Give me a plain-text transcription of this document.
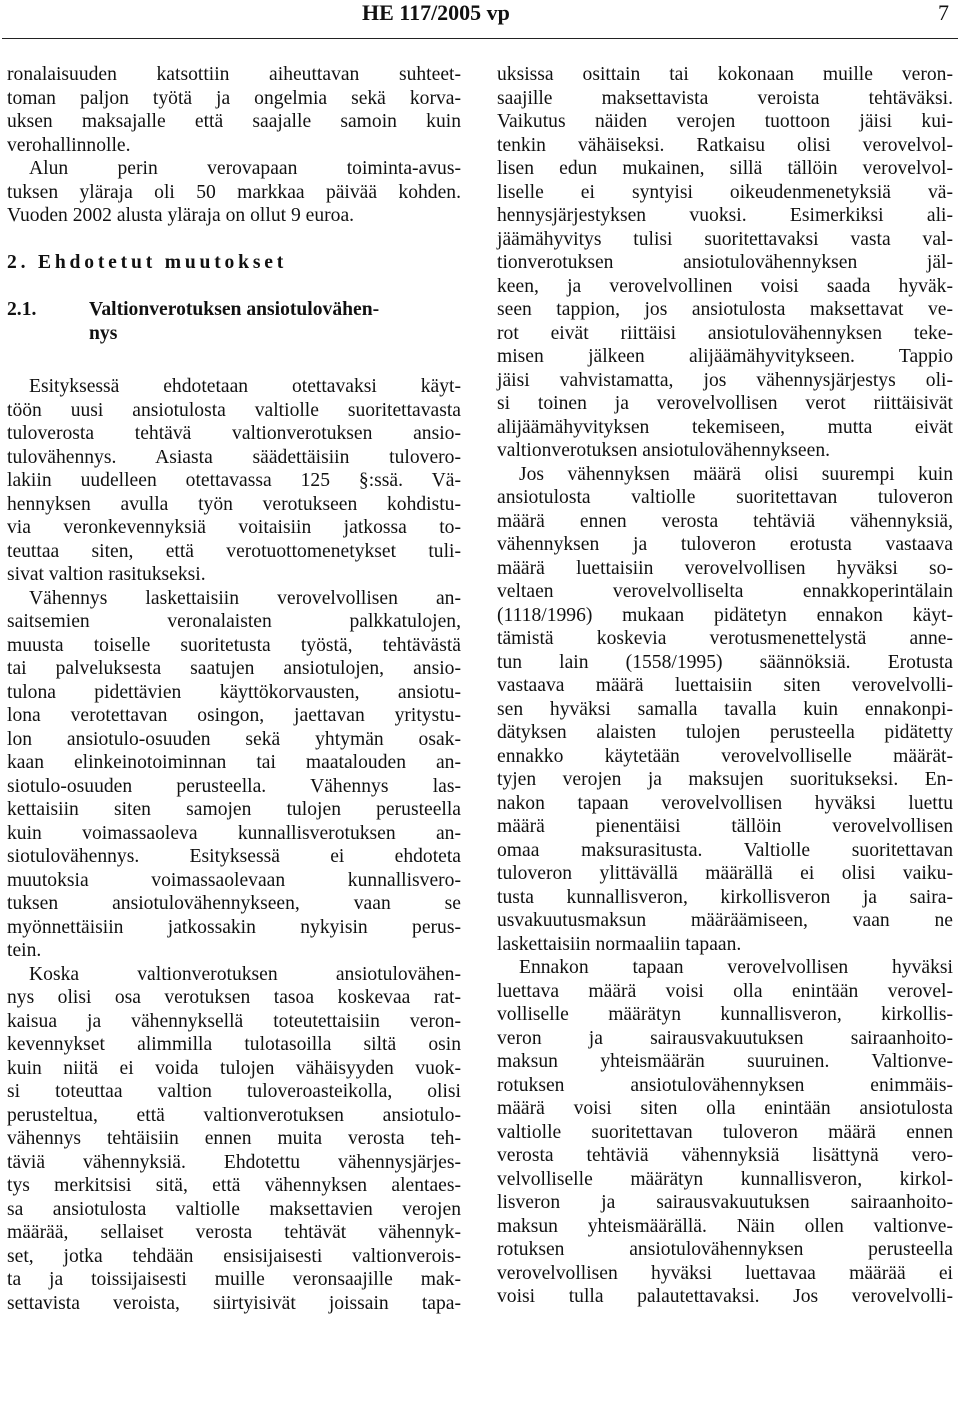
HE 117/2005 vp	7

ronalaisuuden katsottiin aiheuttavan suhteet-

toman paljon työtä ja ongelmia sekä korva-

uksen maksajalle että saajalle samoin kuin

verohallinnolle.

Alun perin verovapaan toiminta-avus-

tuksen yläraja oli 50 markkaa päivää kohden.

Vuoden 2002 alusta yläraja on ollut 9 euroa.

2. Ehdotetut muutokset
2.1.	Valtionverotuksen ansiotulovähen-
nys

Esityksessä ehdotetaan otettavaksi käyt-

töön uusi ansiotulosta valtiolle suoritettavasta

tuloverosta tehtävä valtionverotuksen ansio-

tulovähennys. Asiasta säädettäisiin tulovero-

lakiin uudelleen otettavassa 125 §:ssä. Vä-

hennyksen avulla työn verotukseen kohdistu-

via veronkevennyksiä voitaisiin jatkossa to-

teuttaa siten, että verotuottomenetykset tuli-

sivat valtion rasitukseksi.

Vähennys laskettaisiin verovelvollisen an-

saitsemien veronalaisten palkkatulojen,

muusta toiselle suoritetusta työstä, tehtävästä

tai palveluksesta saatujen ansiotulojen, ansio-

tulona pidettävien käyttökorvausten, ansiotu-

lona verotettavan osingon, jaettavan yritystu-

lon ansiotulo-osuuden sekä yhtymän osak-

kaan elinkeinotoiminnan tai maatalouden an-

siotulo-osuuden perusteella. Vähennys las-

kettaisiin siten samojen tulojen perusteella

kuin voimassaoleva kunnallisverotuksen an-

siotulovähennys. Esityksessä ei ehdoteta

muutoksia voimassaolevaan kunnallisvero-

tuksen ansiotulovähennykseen, vaan se

myönnettäisiin jatkossakin nykyisin perus-

tein.

Koska valtionverotuksen ansiotulovähen-

nys olisi osa verotuksen tasoa koskevaa rat-

kaisua ja vähennyksellä toteutettaisiin veron-

kevennykset alimmilla tulotasoilla siltä osin

kuin niitä ei voida tulojen vähäisyyden vuok-

si toteuttaa valtion tuloveroasteikolla, olisi

perusteltua, että valtionverotuksen ansiotulo-

vähennys tehtäisiin ennen muita verosta teh-

täviä vähennyksiä. Ehdotettu vähennysjärjes-

tys merkitsisi sitä, että vähennyksen alentaes-

sa ansiotulosta valtiolle maksettavien verojen

määrää, sellaiset verosta tehtävät vähennyk-

set, jotka tehdään ensisijaisesti valtionverois-

ta ja toissijaisesti muille veronsaajille mak-

settavista veroista, siirtyisivät joissain tapa-

uksissa osittain tai kokonaan muille veron-

saajille maksettavista veroista tehtäväksi.

Vaikutus näiden verojen tuottoon jäisi kui-

tenkin vähäiseksi. Ratkaisu olisi verovelvol-

lisen edun mukainen, sillä tällöin verovelvol-

liselle ei syntyisi oikeudenmenetyksiä vä-

hennysjärjestyksen vuoksi. Esimerkiksi ali-

jäämähyvitys tulisi suoritettavaksi vasta val-

tionverotuksen ansiotulovähennyksen jäl-

keen, ja verovelvollinen voisi saada hyväk-

seen tappion, jos ansiotulosta maksettavat ve-

rot eivät riittäisi ansiotulovähennyksen teke-

misen jälkeen alijäämähyvitykseen. Tappio

jäisi vahvistamatta, jos vähennysjärjestys oli-

si toinen ja verovelvollisen verot riittäisivät

alijäämähyvityksen tekemiseen, mutta eivät

valtionverotuksen ansiotulovähennykseen.

Jos vähennyksen määrä olisi suurempi kuin

ansiotulosta valtiolle suoritettavan tuloveron

määrä ennen verosta tehtäviä vähennyksiä,

vähennyksen ja tuloveron erotusta vastaava

määrä luettaisiin verovelvollisen hyväksi so-

veltaen verovelvolliselta ennakkoperintälain

(1118/1996) mukaan pidätetyn ennakon käyt-

tämistä koskevia verotusmenettelystä anne-

tun lain (1558/1995) säännöksiä. Erotusta

vastaava määrä luettaisiin siten verovelvolli-

sen hyväksi samalla tavalla kuin ennakonpi-

dätyksen alaisten tulojen perusteella pidätetty

ennakko käytetään verovelvolliselle määrät-

tyjen verojen ja maksujen suoritukseksi. En-

nakon tapaan verovelvollisen hyväksi luettu

määrä pienentäisi tällöin verovelvollisen

omaa maksurasitusta. Valtiolle suoritettavan

tuloveron ylittävällä määrällä ei olisi vaiku-

tusta kunnallisveron, kirkollisveron ja saira-

usvakuutusmaksun määräämiseen, vaan ne

laskettaisiin normaaliin tapaan.

Ennakon tapaan verovelvollisen hyväksi

luettava määrä voisi olla enintään verovel-

volliselle määrätyn kunnallisveron, kirkollis-

veron ja sairausvakuutuksen sairaanhoito-

maksun yhteismäärän suuruinen. Valtionve-

rotuksen ansiotulovähennyksen enimmäis-

määrä voisi siten olla enintään ansiotulosta

valtiolle suoritettavan tuloveron määrä ennen

verosta tehtäviä vähennyksiä lisättynä vero-

velvolliselle määrätyn kunnallisveron, kirkol-

lisveron ja sairausvakuutuksen sairaanhoito-

maksun yhteismäärällä. Näin ollen valtionve-

rotuksen ansiotulovähennyksen perusteella

verovelvollisen hyväksi luettavaa määrää ei

voisi tulla palautettavaksi. Jos verovelvolli-
